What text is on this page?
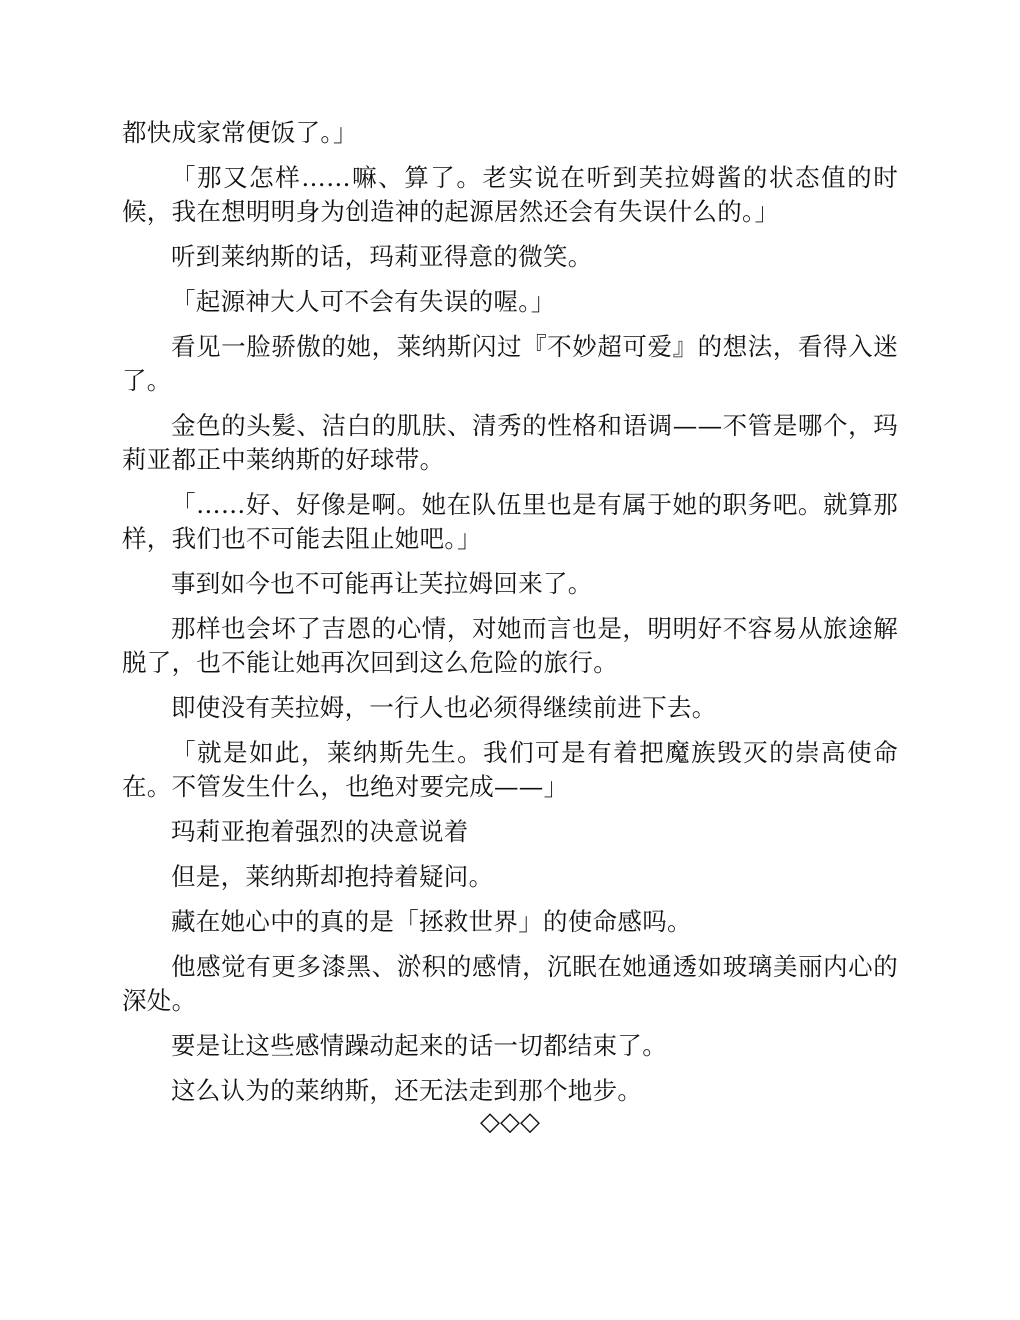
都快成家常便饭了。」

「那又怎样……嘛、算了。老实说在听到芙拉姆酱的状态值的时候，我在想明明身为创造神的起源居然还会有失误什么的。」

听到莱纳斯的话，玛莉亚得意的微笑。

「起源神大人可不会有失误的喔。」

看见一脸骄傲的她，莱纳斯闪过『不妙超可爱』的想法，看得入迷了。

金色的头髪、洁白的肌肤、清秀的性格和语调——不管是哪个，玛莉亚都正中莱纳斯的好球带。

「……好、好像是啊。她在队伍里也是有属于她的职务吧。就算那样，我们也不可能去阻止她吧。」

事到如今也不可能再让芙拉姆回来了。

那样也会坏了吉恩的心情，对她而言也是，明明好不容易从旅途解脱了，也不能让她再次回到这么危险的旅行。

即使没有芙拉姆，一行人也必须得继续前进下去。

「就是如此，莱纳斯先生。我们可是有着把魔族毁灭的崇高使命在。不管发生什么，也绝对要完成——」

玛莉亚抱着强烈的决意说着

但是，莱纳斯却抱持着疑问。

藏在她心中的真的是「拯救世界」的使命感吗。

他感觉有更多漆黑、淤积的感情，沉眠在她通透如玻璃美丽内心的深处。

要是让这些感情躁动起来的话一切都结束了。

这么认为的莱纳斯，还无法走到那个地步。

◇◇◇
